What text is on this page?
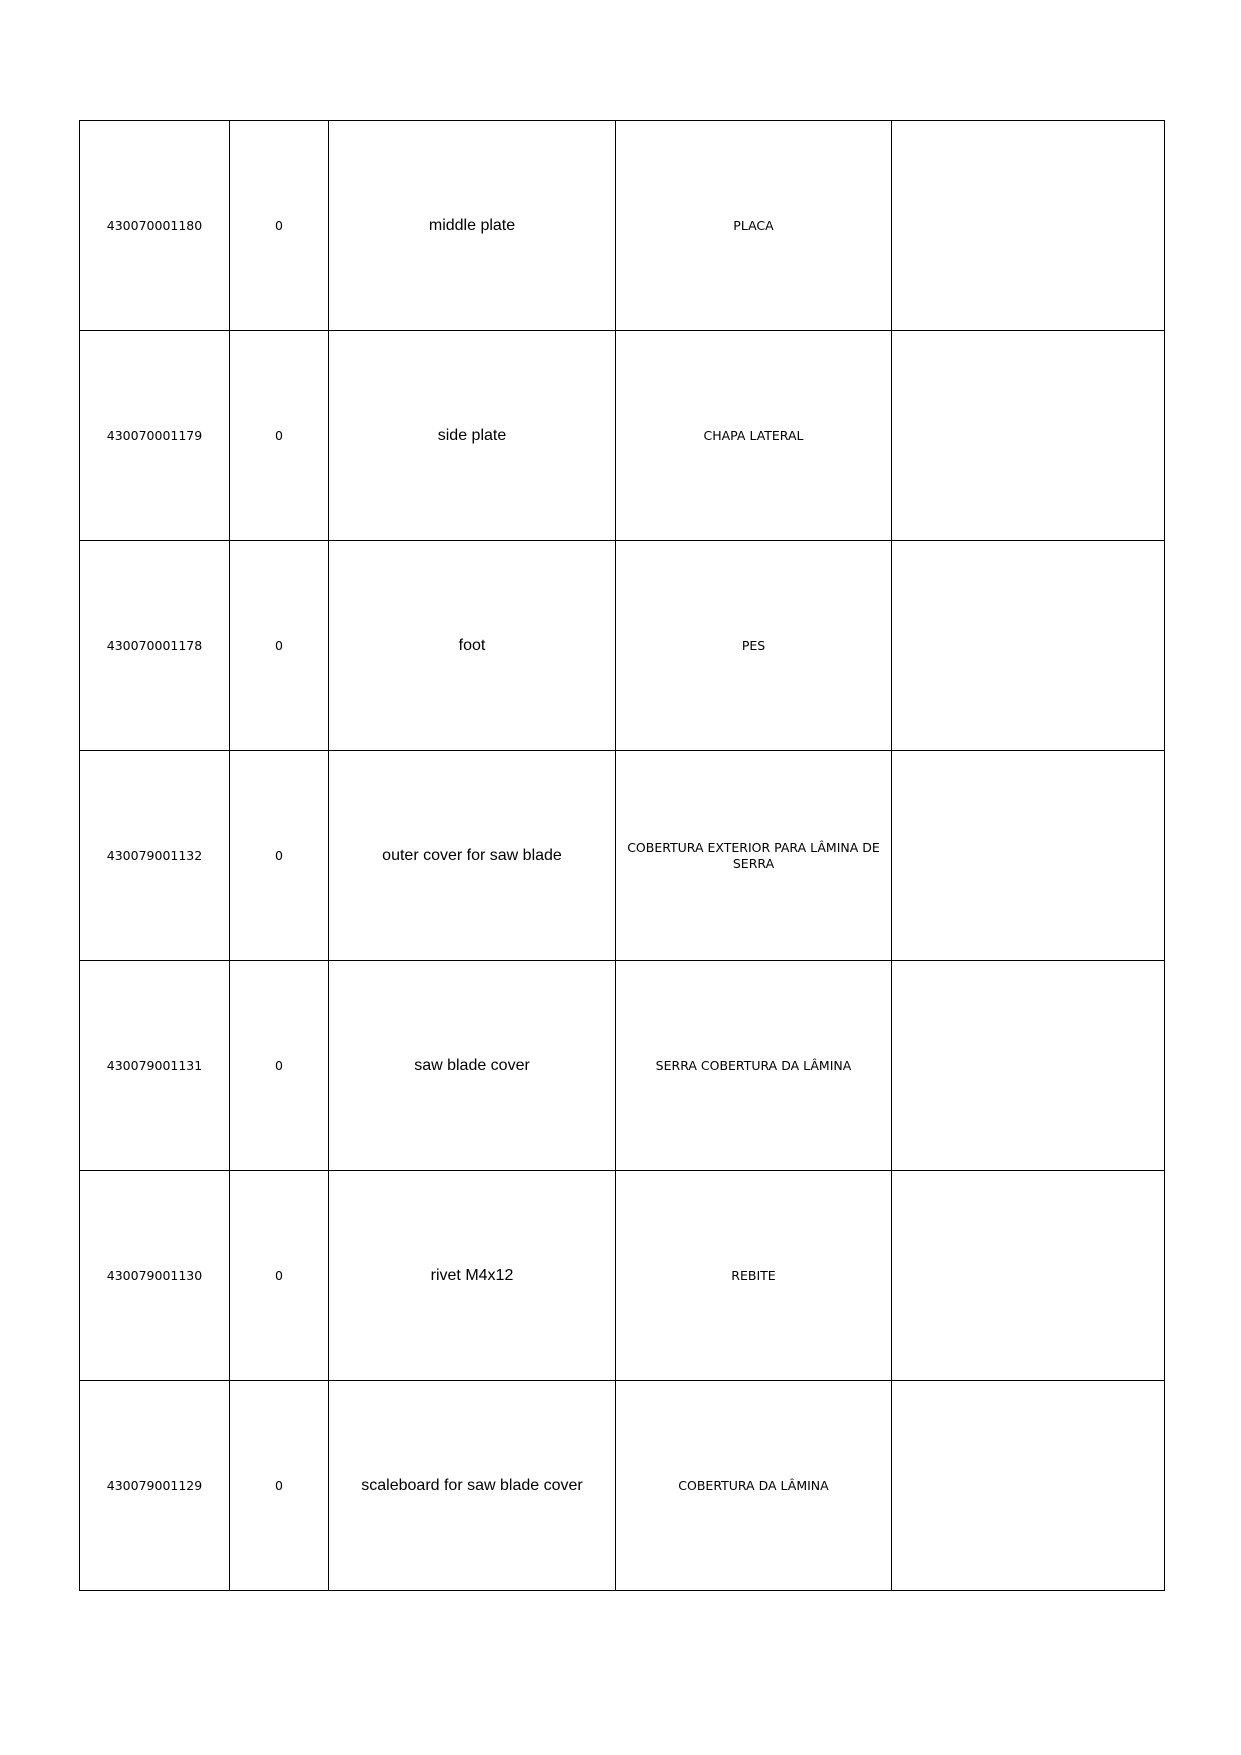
430070001180	0	middle plate	PLACA	
430070001179	0	side plate	CHAPA LATERAL	
430070001178	0	foot	PES	
430079001132	0	outer cover for saw blade	COBERTURA EXTERIOR PARA LÂMINA DE SERRA	
430079001131	0	saw blade cover	SERRA COBERTURA DA LÂMINA	
430079001130	0	rivet M4x12	REBITE	
430079001129	0	scaleboard for saw blade cover	COBERTURA DA LÂMINA	
